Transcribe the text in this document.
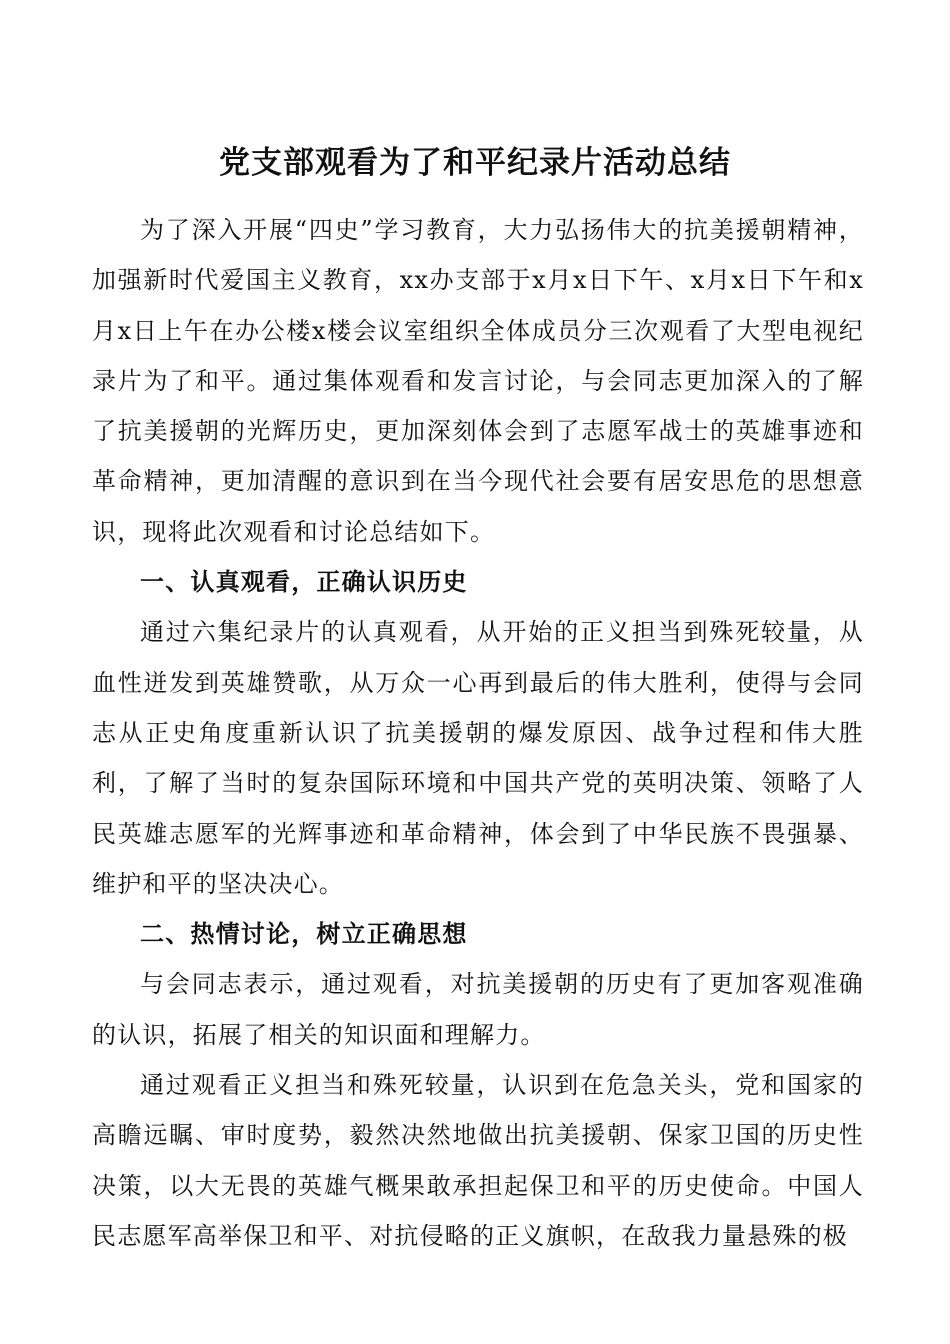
党支部观看为了和平纪录片活动总结

为了深入开展“四史”学习教育，大力弘扬伟大的抗美援朝精神，加强新时代爱国主义教育，xx办支部于x月x日下午、x月x日下午和x月x日上午在办公楼x楼会议室组织全体成员分三次观看了大型电视纪录片为了和平。通过集体观看和发言讨论，与会同志更加深入的了解了抗美援朝的光辉历史，更加深刻体会到了志愿军战士的英雄事迹和革命精神，更加清醒的意识到在当今现代社会要有居安思危的思想意识，现将此次观看和讨论总结如下。

一、认真观看，正确认识历史

通过六集纪录片的认真观看，从开始的正义担当到殊死较量，从血性迸发到英雄赞歌，从万众一心再到最后的伟大胜利，使得与会同志从正史角度重新认识了抗美援朝的爆发原因、战争过程和伟大胜利，了解了当时的复杂国际环境和中国共产党的英明决策、领略了人民英雄志愿军的光辉事迹和革命精神，体会到了中华民族不畏强暴、维护和平的坚决决心。

二、热情讨论，树立正确思想

与会同志表示，通过观看，对抗美援朝的历史有了更加客观准确的认识，拓展了相关的知识面和理解力。

通过观看正义担当和殊死较量，认识到在危急关头，党和国家的高瞻远瞩、审时度势，毅然决然地做出抗美援朝、保家卫国的历史性决策，以大无畏的英雄气概果敢承担起保卫和平的历史使命。中国人民志愿军高举保卫和平、对抗侵略的正义旗帜，在敌我力量悬殊的极
